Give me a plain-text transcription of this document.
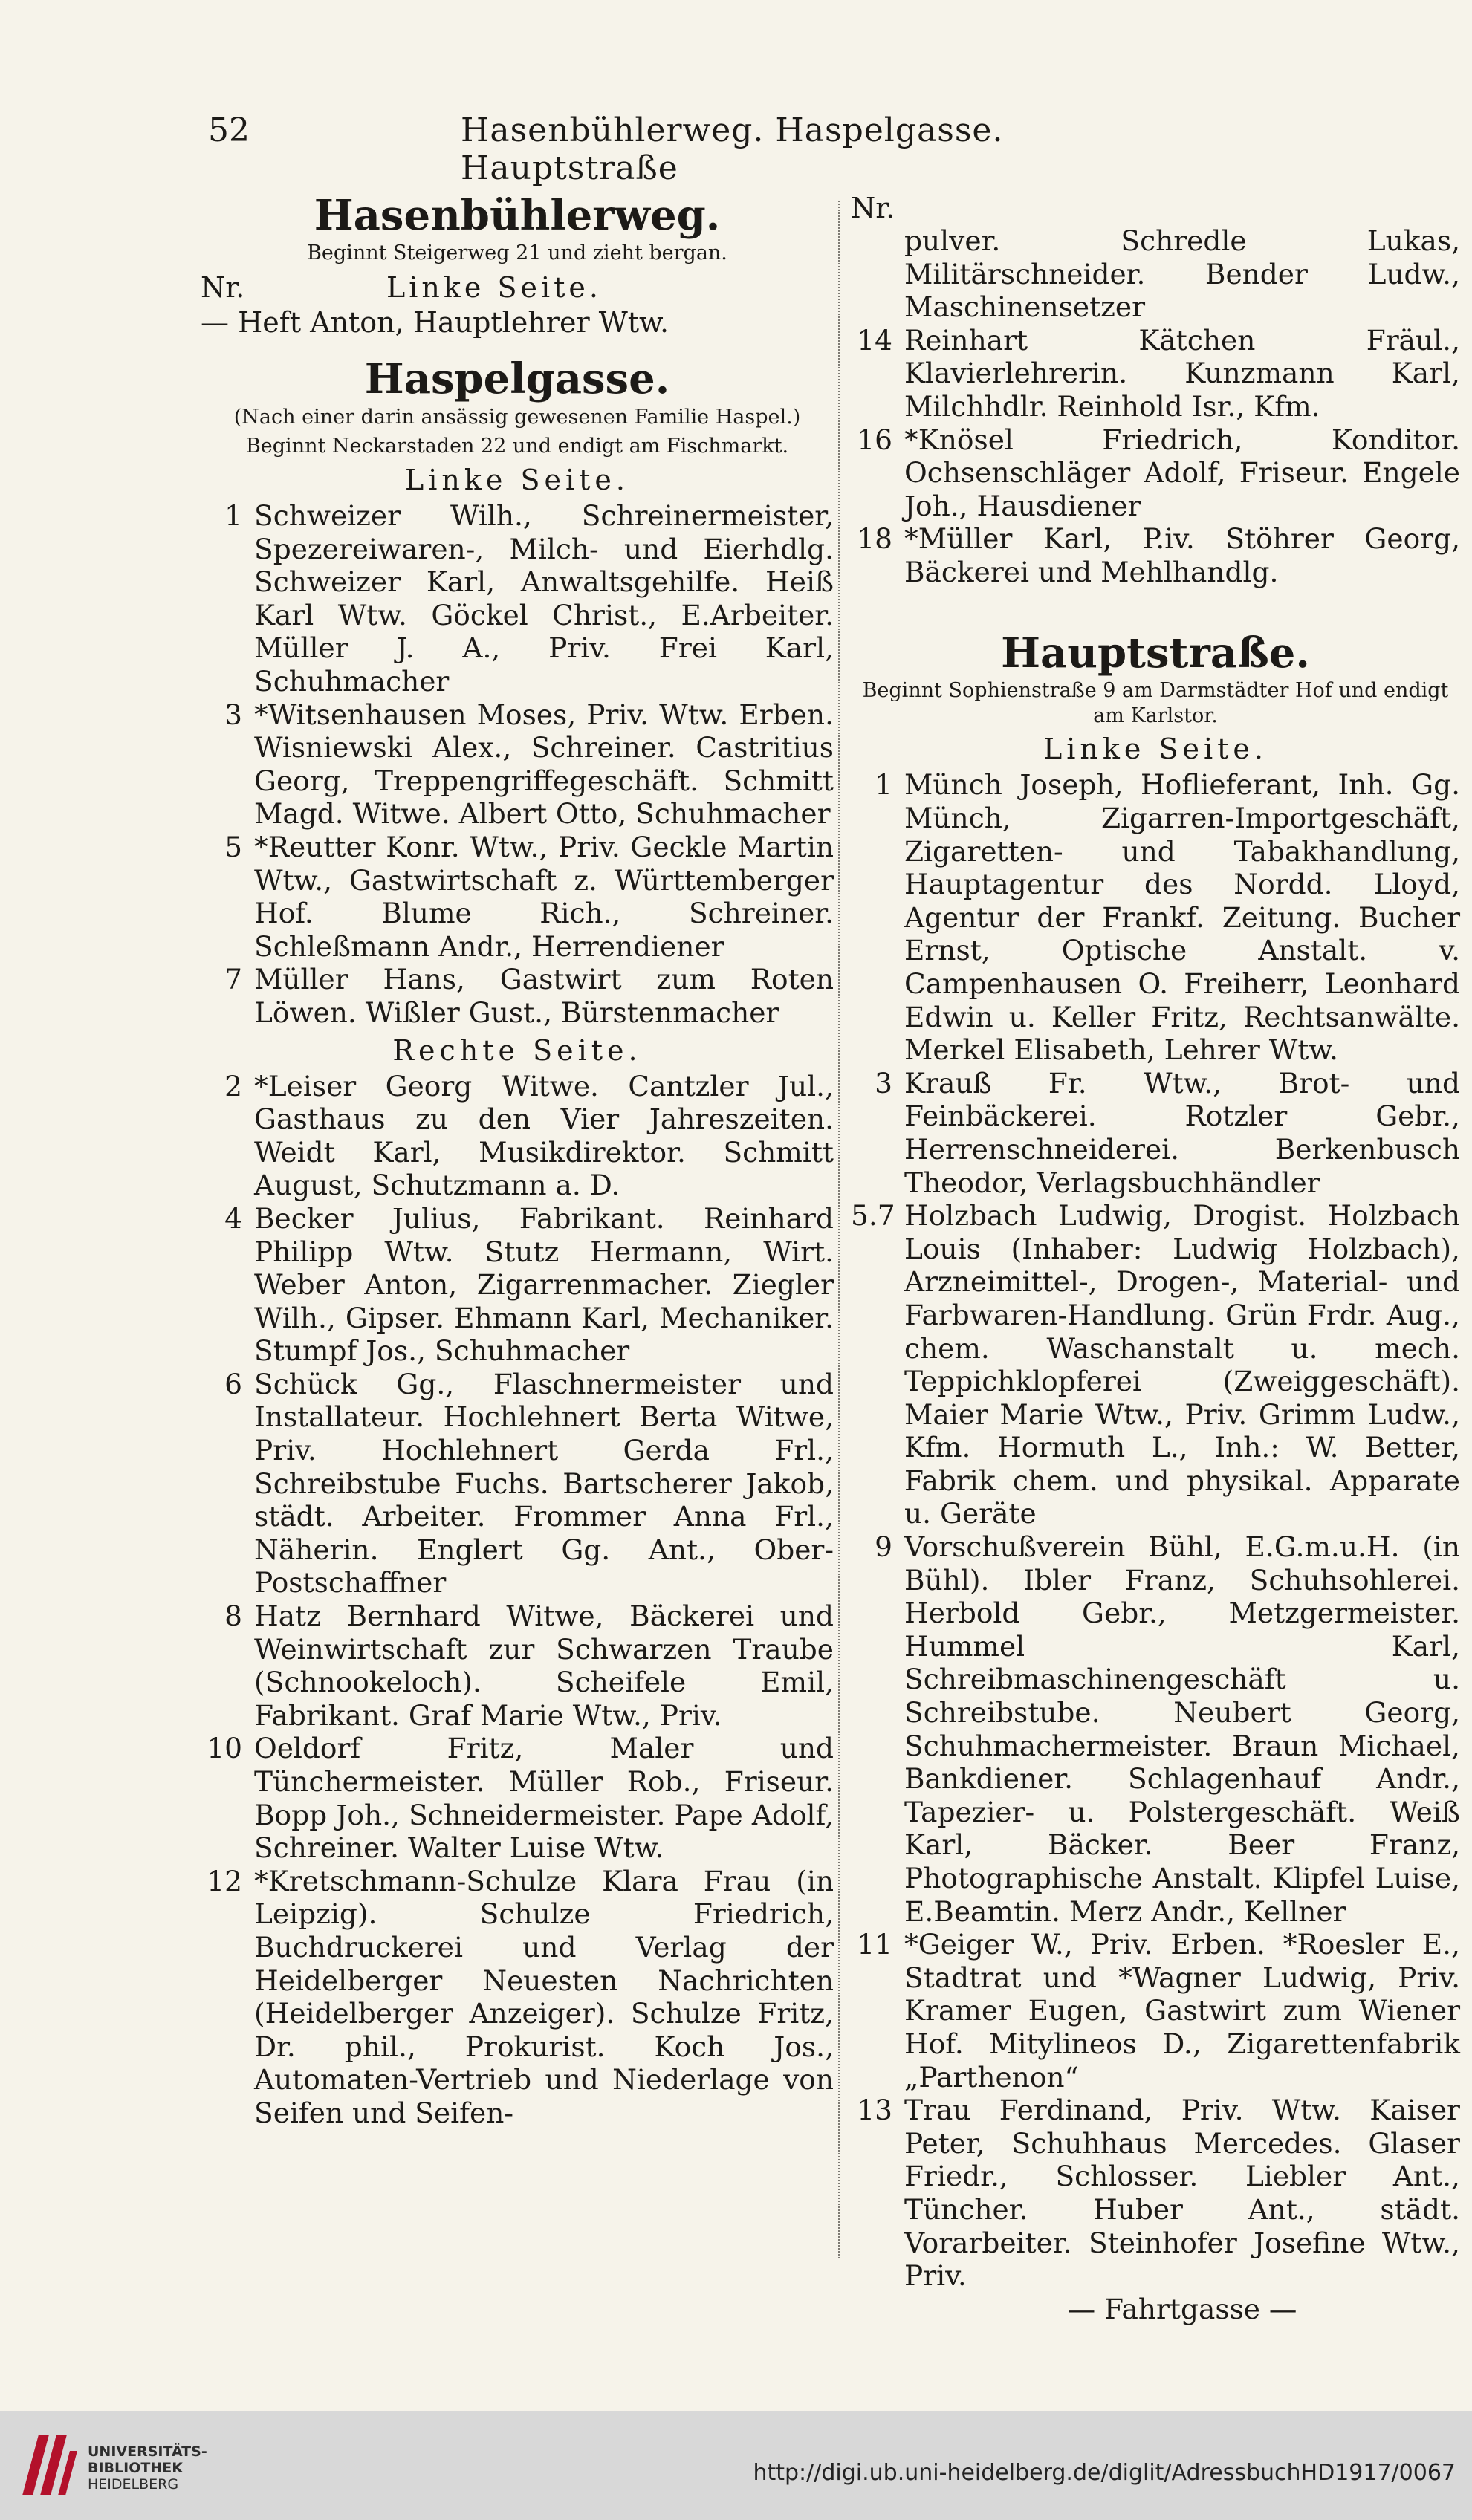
52	Hasenbühlerweg. Haspelgasse. Hauptstraße
Hasenbühlerweg.
Beginnt Steigerweg 21 und zieht bergan.
Nr.	Linke Seite.
— Heft Anton, Hauptlehrer Wtw.
Haspelgasse.
(Nach einer darin ansässig gewesenen Familie Haspel.)
Beginnt Neckarstaden 22 und endigt am Fischmarkt.
Linke Seite.
1 Schweizer Wilh., Schreinermeister, Spezereiwaren-, Milch- und Eierhdlg. Schweizer Karl, Anwaltsgehilfe. Heiß Karl Wtw. Göckel Christ., E.Arbeiter. Müller J. A., Priv. Frei Karl, Schuhmacher
3 *Witsenhausen Moses, Priv. Wtw. Erben. Wisniewski Alex., Schreiner. Castritius Georg, Treppengriffegeschäft. Schmitt Magd. Witwe. Albert Otto, Schuhmacher
5 *Reutter Konr. Wtw., Priv. Geckle Martin Wtw., Gastwirtschaft z. Württemberger Hof. Blume Rich., Schreiner. Schleßmann Andr., Herrendiener
7 Müller Hans, Gastwirt zum Roten Löwen. Wißler Gust., Bürstenmacher
Rechte Seite.
2 *Leiser Georg Witwe. Cantzler Jul., Gasthaus zu den Vier Jahreszeiten. Weidt Karl, Musikdirektor. Schmitt August, Schutzmann a. D.
4 Becker Julius, Fabrikant. Reinhard Philipp Wtw. Stutz Hermann, Wirt. Weber Anton, Zigarrenmacher. Ziegler Wilh., Gipser. Ehmann Karl, Mechaniker. Stumpf Jos., Schuhmacher
6 Schück Gg., Flaschnermeister und Installateur. Hochlehnert Berta Witwe, Priv. Hochlehnert Gerda Frl., Schreibstube Fuchs. Bartscherer Jakob, städt. Arbeiter. Frommer Anna Frl., Näherin. Englert Gg. Ant., Ober-Postschaffner
8 Hatz Bernhard Witwe, Bäckerei und Weinwirtschaft zur Schwarzen Traube (Schnookeloch). Scheifele Emil, Fabrikant. Graf Marie Wtw., Priv.
10 Oeldorf Fritz, Maler und Tünchermeister. Müller Rob., Friseur. Bopp Joh., Schneidermeister. Pape Adolf, Schreiner. Walter Luise Wtw.
12 *Kretschmann-Schulze Klara Frau (in Leipzig). Schulze Friedrich, Buchdruckerei und Verlag der Heidelberger Neuesten Nachrichten (Heidelberger Anzeiger). Schulze Fritz, Dr. phil., Prokurist. Koch Jos., Automaten-Vertrieb und Niederlage von Seifen und Seifen-
Nr.
pulver. Schredle Lukas, Militärschneider. Bender Ludw., Maschinensetzer
14 Reinhart Kätchen Fräul., Klavierlehrerin. Kunzmann Karl, Milchhdlr. Reinhold Isr., Kfm.
16 *Knösel Friedrich, Konditor. Ochsenschläger Adolf, Friseur. Engele Joh., Hausdiener
18 *Müller Karl, P.iv. Stöhrer Georg, Bäckerei und Mehlhandlg.
Hauptstraße.
Beginnt Sophienstraße 9 am Darmstädter Hof und endigt am Karlstor.
Linke Seite.
1 Münch Joseph, Hoflieferant, Inh. Gg. Münch, Zigarren-Importgeschäft, Zigaretten- und Tabakhandlung, Hauptagentur des Nordd. Lloyd, Agentur der Frankf. Zeitung. Bucher Ernst, Optische Anstalt. v. Campenhausen O. Freiherr, Leonhard Edwin u. Keller Fritz, Rechtsanwälte. Merkel Elisabeth, Lehrer Wtw.
3 Krauß Fr. Wtw., Brot- und Feinbäckerei. Rotzler Gebr., Herrenschneiderei. Berkenbusch Theodor, Verlagsbuchhändler
5.7 Holzbach Ludwig, Drogist. Holzbach Louis (Inhaber: Ludwig Holzbach), Arzneimittel-, Drogen-, Material- und Farbwaren-Handlung. Grün Frdr. Aug., chem. Waschanstalt u. mech. Teppichklopferei (Zweiggeschäft). Maier Marie Wtw., Priv. Grimm Ludw., Kfm. Hormuth L., Inh.: W. Better, Fabrik chem. und physikal. Apparate u. Geräte
9 Vorschußverein Bühl, E.G.m.u.H. (in Bühl). Ibler Franz, Schuhsohlerei. Herbold Gebr., Metzgermeister. Hummel Karl, Schreibmaschinengeschäft u. Schreibstube. Neubert Georg, Schuhmachermeister. Braun Michael, Bankdiener. Schlagenhauf Andr., Tapezier- u. Polstergeschäft. Weiß Karl, Bäcker. Beer Franz, Photographische Anstalt. Klipfel Luise, E.Beamtin. Merz Andr., Kellner
11 *Geiger W., Priv. Erben. *Roesler E., Stadtrat und *Wagner Ludwig, Priv. Kramer Eugen, Gastwirt zum Wiener Hof. Mitylineos D., Zigarettenfabrik „Parthenon“
13 Trau Ferdinand, Priv. Wtw. Kaiser Peter, Schuhhaus Mercedes. Glaser Friedr., Schlosser. Liebler Ant., Tüncher. Huber Ant., städt. Vorarbeiter. Steinhofer Josefine Wtw., Priv.
— Fahrtgasse —
UNIVERSITÄTS-
BIBLIOTHEK
HEIDELBERG	http://digi.ub.uni-heidelberg.de/diglit/AdressbuchHD1917/0067
